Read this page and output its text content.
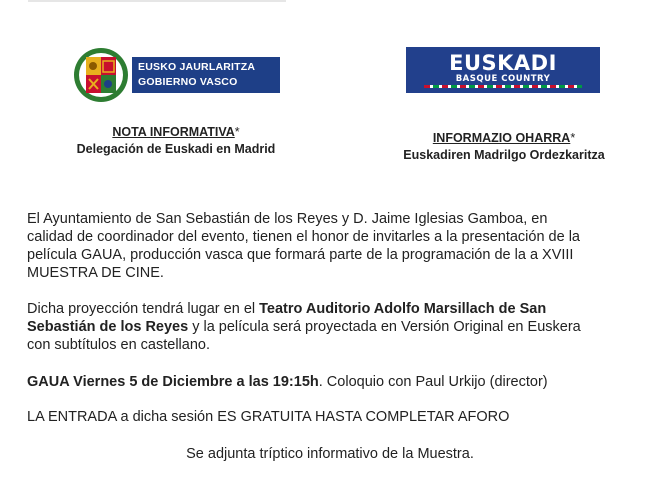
EUSKO JAURLARITZA
GOBIERNO VASCO
EUSKADI
BASQUE COUNTRY
NOTA INFORMATIVA*
Delegación de Euskadi en Madrid
INFORMAZIO OHARRA*
Euskadiren Madrilgo Ordezkaritza
El Ayuntamiento de San Sebastián de los Reyes y D. Jaime Iglesias Gamboa, en
calidad de coordinador del evento, tienen el honor de invitarles a la presentación de la
película GAUA, producción vasca que formará parte de la programación de la a XVIII
MUESTRA DE CINE.
Dicha proyección tendrá lugar en el Teatro Auditorio Adolfo Marsillach de San
Sebastián de los Reyes y la película será proyectada en Versión Original en Euskera
con subtítulos en castellano.
GAUA Viernes 5 de Diciembre a las 19:15h. Coloquio con Paul Urkijo (director)
LA ENTRADA a dicha sesión ES GRATUITA HASTA COMPLETAR AFORO
Se adjunta tríptico informativo de la Muestra.
